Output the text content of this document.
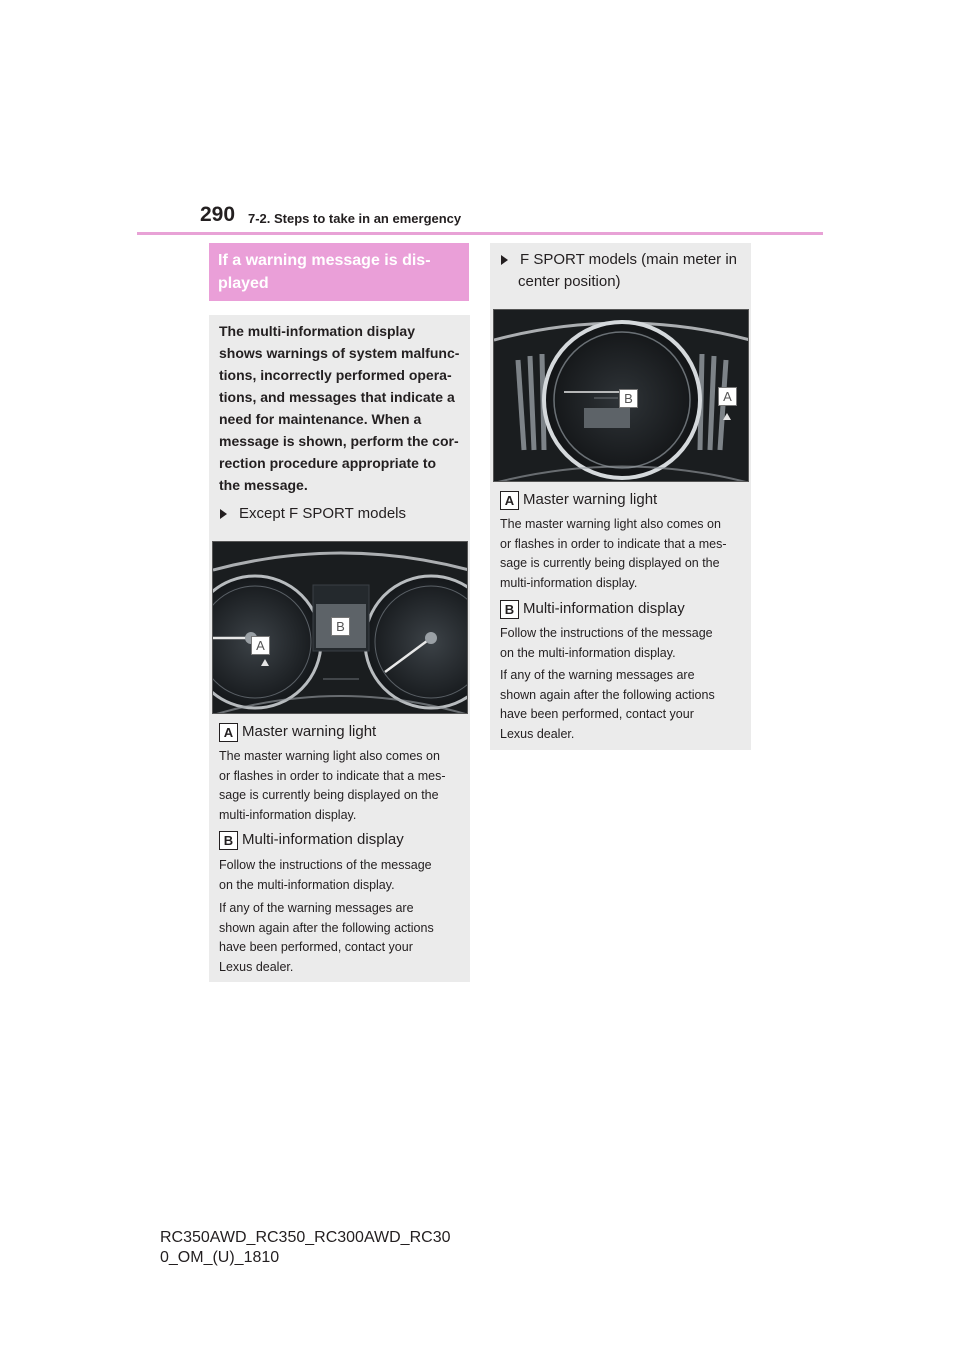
290 7-2. Steps to take in an emergency
If a warning message is dis-
played
The multi-information display
shows warnings of system malfunc-
tions, incorrectly performed opera-
tions, and messages that indicate a
need for maintenance. When a
message is shown, perform the cor-
rection procedure appropriate to
the message.
Except F SPORT models
A
B
A Master warning light
The master warning light also comes on
or flashes in order to indicate that a mes-
sage is currently being displayed on the
multi-information display.
B Multi-information display
Follow the instructions of the message
on the multi-information display.
If any of the warning messages are
shown again after the following actions
have been performed, contact your
Lexus dealer.
F SPORT models (main meter in
center position)
B	A
A Master warning light
The master warning light also comes on
or flashes in order to indicate that a mes-
sage is currently being displayed on the
multi-information display.
B Multi-information display
Follow the instructions of the message
on the multi-information display.
If any of the warning messages are
shown again after the following actions
have been performed, contact your
Lexus dealer.
RC350AWD_RC350_RC300AWD_RC30
0_OM_(U)_1810
